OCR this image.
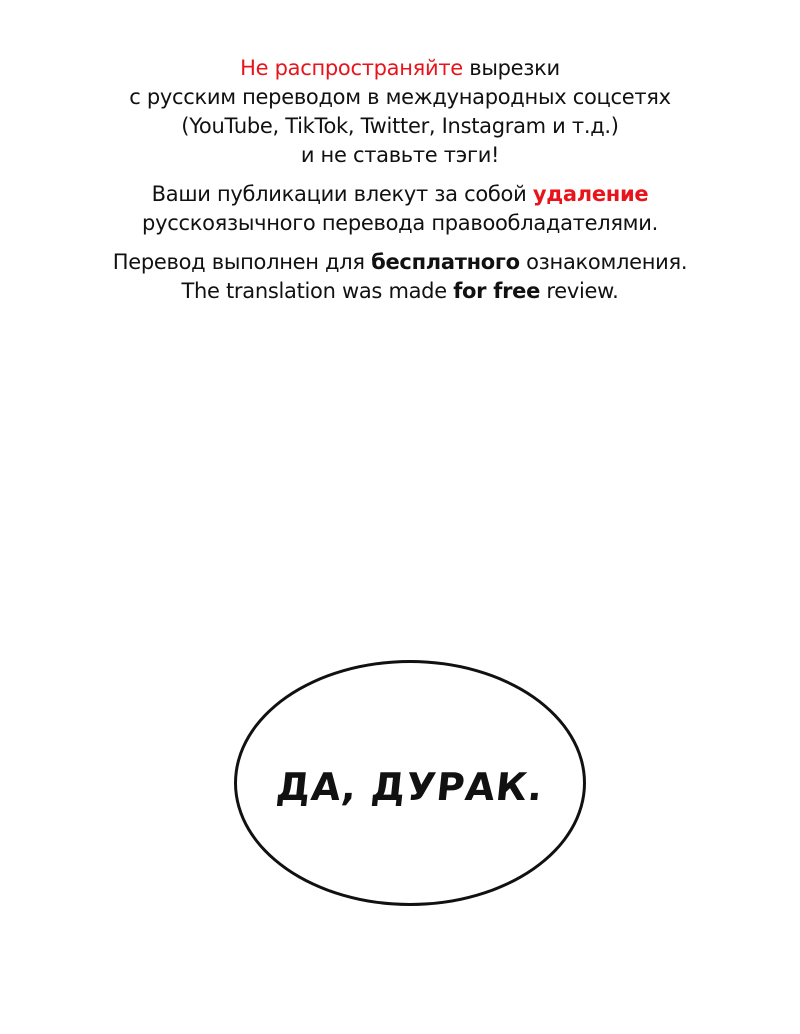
Не распространяйте вырезки
с русским переводом в международных соцсетях
(YouTube, TikTok, Twitter, Instagram и т.д.)
и не ставьте тэги!

Ваши публикации влекут за собой удаление
русскоязычного перевода правообладателями.

Перевод выполнен для бесплатного ознакомления.
The translation was made for free review.

ДА, ДУРАК.
